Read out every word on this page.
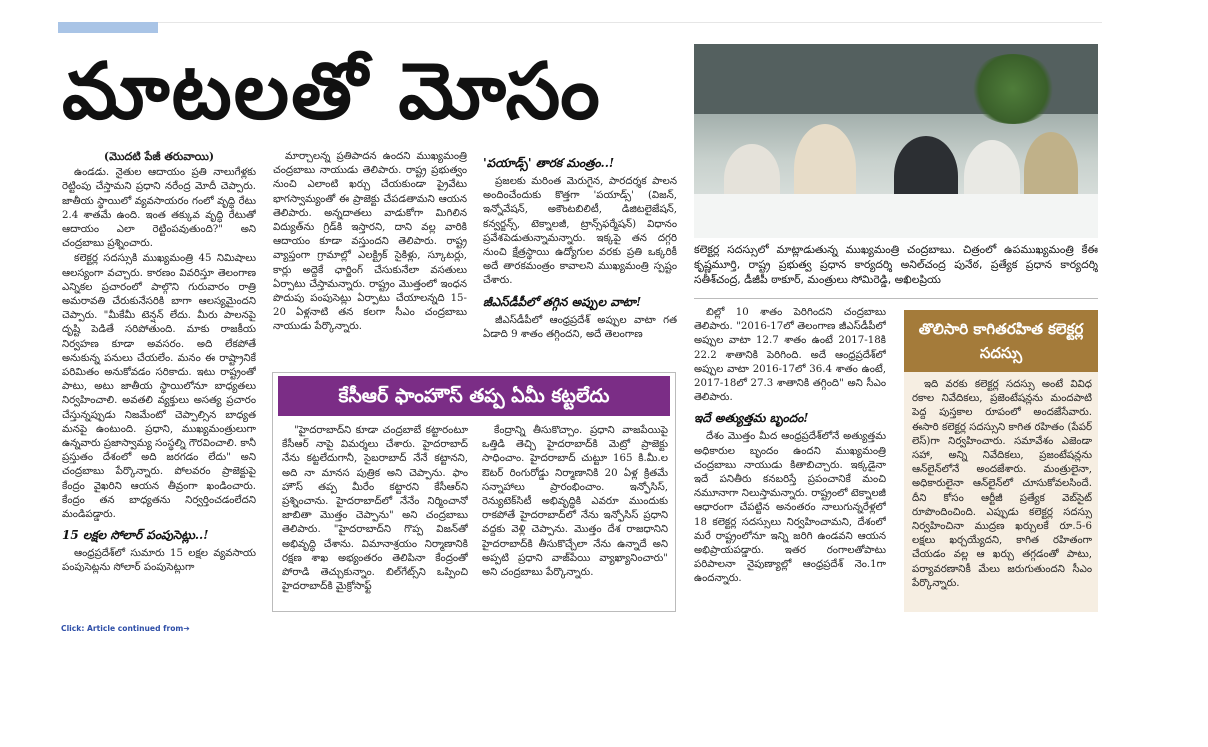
మాటలతో మోసం
(మొదటి పేజీ తరువాయి)

ఉండడు. నైతుల ఆదాయం ప్రతి నాలుగేళ్లకు రెట్టింపు చేస్తామని ప్రధాని నరేంద్ర మోదీ చెప్పారు. జాతీయ స్థాయిలో వ్యవసాయరం గంలో వృద్ధి రేటు 2.4 శాతమే ఉంది. ఇంత తక్కువ వృద్ధి రేటుతో ఆదాయం ఎలా రెట్టింపవుతుంది?" అని చంద్రబాబు ప్రశ్నించారు.

కలెక్టర్ల సదస్సుకి ముఖ్యమంత్రి 45 నిమిషాలు ఆలస్యంగా వచ్చారు. కారణం వివరిస్తూ తెలంగాణ ఎన్నికల ప్రచారంలో పాల్గొని గురువారం రాత్రి అమరావతి చేరుకునేసరికి బాగా ఆలస్యమైందని చెప్పారు. "మీకేమీ టెన్షన్ లేదు. మీరు పాలనపై దృష్టి పెడితే సరిపోతుంది. మాకు రాజకీయ నిర్వహణ కూడా అవసరం. అది లేకపోతే అనుకున్న పనులు చేయలేం. మనం ఈ రాష్ట్రానికే పరిమితం అనుకోవడం సరికాదు. ఇటు రాష్ట్రంతో పాటు, అటు జాతీయ స్థాయిలోనూ బాధ్యతలు నిర్వహించాలి. అవతలి వ్యక్తులు అసత్య ప్రచారం చేస్తున్నప్పుడు నిజమేంటో చెప్పాల్సిన బాధ్యత మనపై ఉంటుంది. ప్రధాని, ముఖ్యమంత్రులుగా ఉన్నవారు ప్రజాస్వామ్య సంస్థల్ని గౌరవించాలి. కానీ ప్రస్తుతం దేశంలో అది జరగడం లేదు" అని చంద్రబాబు పేర్కొన్నారు. పోలవరం ప్రాజెక్టుపై కేంద్రం వైఖరిని ఆయన తీవ్రంగా ఖండించారు. కేంద్రం తన బాధ్యతను నిర్వర్తించడంలేదని మండిపడ్డారు.

15 లక్షల సోలార్ పంపుసెట్లు..!

ఆంధ్రప్రదేశ్‌లో సుమారు 15 లక్షల వ్యవసాయ పంపుసెట్లను సోలార్ పంపుసెట్లుగా

మార్చాలన్న ప్రతిపాదన ఉందని ముఖ్యమంత్రి చంద్రబాబు నాయుడు తెలిపారు. రాష్ట్ర ప్రభుత్వం నుంచి ఎలాంటి ఖర్చు చేయకుండా ప్రైవేటు భాగస్వామ్యంతో ఈ ప్రాజెక్టు చేపడతామని ఆయన తెలిపారు. అన్నదాతలు వాడుకోగా మిగిలిన విద్యుత్‌ను గ్రిడ్‌కి ఇస్తారని, దాని వల్ల వారికి ఆదాయం కూడా వస్తుందని తెలిపారు. రాష్ట్ర వ్యాప్తంగా గ్రామాల్లో ఎలక్ట్రిక్ సైకిళ్లు, స్కూటర్లు, కార్లు అద్దెకే ఛార్జింగ్ చేసుకునేలా వసతులు ఏర్పాటు చేస్తామన్నారు. రాష్ట్రం మొత్తంలో ఇంధన పొదుపు పంపుసెట్లు ఏర్పాటు చేయాలన్నది 15-20 ఏళ్లనాటి తన కలగా సీఎం చంద్రబాబు నాయుడు పేర్కొన్నారు.

'పయాడ్స్' తారక మంత్రం..!

ప్రజలకు మరింత మెరుగైన, పారదర్శక పాలన అందించేందుకు కొత్తగా 'పయాడ్స్' (విజన్, ఇన్నోవేషన్, అకౌంటబిలిటీ, డిజిటలైజేషన్, కన్వర్జన్స్, టెక్నాలజీ, ట్రాన్స్‌ఫర్మేషన్) విధానం ప్రవేశపెడుతున్నామన్నారు. ఇక్కపై తన దగ్గరి నుంచి క్షేత్రస్థాయి ఉద్యోగుల వరకు ప్రతి ఒక్కరికీ అదే తారకమంత్రం కావాలని ముఖ్యమంత్రి స్పష్టం చేశారు.

జీఎస్‌డీపీలో తగ్గిన అప్పుల వాటా!

జీఎస్‌డీపీలో ఆంధ్రప్రదేశ్ అప్పుల వాటా గత ఏడాది 9 శాతం తగ్గిందని, అదే తెలంగాణ

కలెక్టర్ల సదస్సులో మాట్లాడుతున్న ముఖ్యమంత్రి చంద్రబాబు. చిత్రంలో ఉపముఖ్యమంత్రి కేఈ కృష్ణమూర్తి, రాష్ట్ర ప్రభుత్వ ప్రధాన కార్యదర్శి అనిల్‌చంద్ర పునేఠ, ప్రత్యేక ప్రధాన కార్యదర్శి సతీశ్‌చంద్ర, డీజీపీ ఠాకూర్, మంత్రులు సోమిరెడ్డి, అఖిలప్రియ
కేసీఆర్ ఫాంహౌస్ తప్ప ఏమీ కట్టలేదు

"హైదరాబాద్‌ని కూడా చంద్రబాబే కట్టారంటూ కేసీఆర్ నాపై విమర్శలు చేశారు. హైదరాబాద్ నేను కట్టలేదుగానీ, సైబరాబాద్ నేనే కట్టానని, అది నా మానస పుత్రిక అని చెప్పాను. ఫాం హౌస్ తప్ప మీరేం కట్టారని కేసీఆర్‌ని ప్రశ్నించాను. హైదరాబాద్‌లో నేనేం నిర్మించానో జాబితా మొత్తం చెప్పాను" అని చంద్రబాబు తెలిపారు. "హైదరాబాద్‌ని గొప్ప విజన్‌తో అభివృద్ధి చేశాను. విమానాశ్రయం నిర్మాణానికి రక్షణ శాఖ అభ్యంతరం తెలిపినా కేంద్రంతో పోరాడి తెచ్చుకున్నాం. బిల్‌గేట్స్‌ని ఒప్పించి హైదరాబాద్‌కి మైక్రోసాఫ్ట్

కేంద్రాన్ని తీసుకొచ్చాం. ప్రధాని వాజపేయిపై ఒత్తిడి తెచ్చి హైదరాబాద్‌కి మెట్రో ప్రాజెక్టు సాధించాం. హైదరాబాద్ చుట్టూ 165 కి.మీ.ల ఔటర్ రింగురోడ్డు నిర్మాణానికి 20 ఏళ్ల క్రితమే సన్నాహాలు ప్రారంభించాం. ఇన్ఫోసిస్, రెన్యుటెక్‌సిటీ అభివృద్ధికి ఎవరూ ముందుకు రాకపోతే హైదరాబాద్‌లో నేను ఇన్ఫోసిస్ ప్రధాని వద్దకు వెళ్లి చెప్పాను. మొత్తం దేశ రాజధానిని హైదరాబాద్‌కి తీసుకొచ్చేలా నేను ఉన్నాదే అని అప్పటి ప్రధాని వాజ్‌పేయి వ్యాఖ్యానించారు" అని చంద్రబాబు పేర్కొన్నారు.

బిల్లో 10 శాతం పెరిగిందని చంద్రబాబు తెలిపారు. "2016-17లో తెలంగాణ జీఎస్‌డీపీలో అప్పుల వాటా 12.7 శాతం ఉంటే 2017-18కి 22.2 శాతానికి పెరిగింది. అదే ఆంధ్రప్రదేశ్‌లో అప్పుల వాటా 2016-17లో 36.4 శాతం ఉంటే, 2017-18లో 27.3 శాతానికి తగ్గింది" అని సీఎం తెలిపారు.

ఇదే అత్యుత్తమ బృందం!

దేశం మొత్తం మీద ఆంధ్రప్రదేశ్‌లోనే అత్యుత్తమ అధికారుల బృందం ఉందని ముఖ్యమంత్రి చంద్రబాబు నాయుడు కితాబిచ్చారు. ఇక్కడైనా ఇదే పనితీరు కనబరిస్తే ప్రపంచానికే మంచి నమూనాగా నిలుస్తామన్నారు. రాష్ట్రంలో టెక్నాలజీ ఆధారంగా చేపట్టిన అనంతరం నాలుగున్నరేళ్లలో 18 కలెక్టర్ల సదస్సులు నిర్వహించామని, దేశంలో మరే రాష్ట్రంలోనూ ఇన్ని జరిగి ఉండవని ఆయన అభిప్రాయపడ్డారు. ఇతర రంగాలతోపాటు పరిపాలనా నైపుణ్యాల్లో ఆంధ్రప్రదేశ్ నెం.1గా ఉందన్నారు.

తొలిసారి కాగితరహిత కలెక్టర్ల సదస్సు

ఇది వరకు కలెక్టర్ల సదస్సు అంటే వివిధ రకాల నివేదికలు, ప్రజెంటేషన్లను మందపాటి పెద్ద పుస్తకాల రూపంలో అందజేసేవారు. ఈసారి కలెక్టర్ల సదస్సుని కాగిత రహితం (పేపర్ లెస్)గా నిర్వహించారు. సమావేశం ఎజెండా సహా, అన్ని నివేదికలు, ప్రజంటేషన్లను ఆన్‌లైన్‌లోనే అందజేశారు. మంత్రులైనా, అధికారులైనా ఆన్‌లైన్‌లో చూసుకోవలసిందే. దీని కోసం ఆర్టీజీ ప్రత్యేక వెబ్‌సైట్ రూపొందించింది. ఎప్పుడు కలెక్టర్ల సదస్సు నిర్వహించినా ముద్రణ ఖర్చులకే రూ.5-6 లక్షలు ఖర్చయ్యేదని, కాగిత రహితంగా చేయడం వల్ల ఆ ఖర్చు తగ్గడంతో పాటు, పర్యావరణానికీ మేలు జరుగుతుందని సీఎం పేర్కొన్నారు.

Click: Article continued from➔
